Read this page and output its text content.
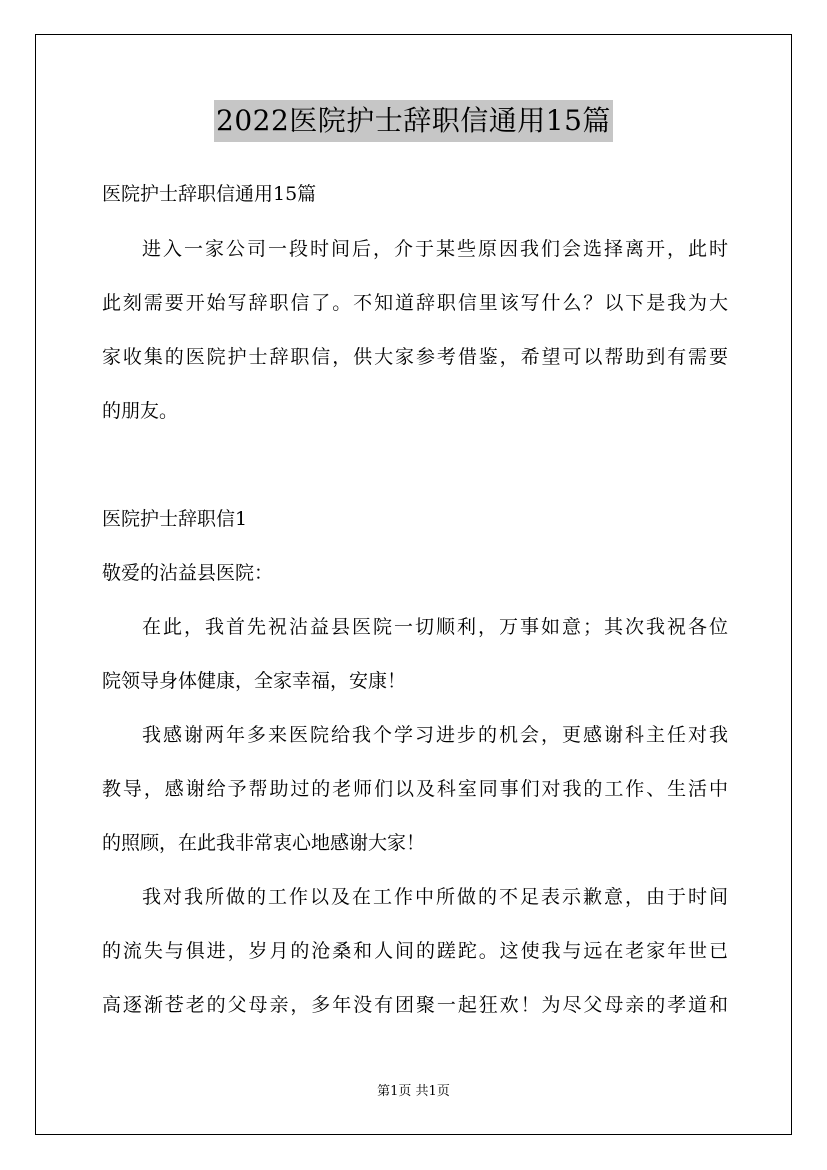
2022医院护士辞职信通用15篇
医院护士辞职信通用15篇
进入一家公司一段时间后，介于某些原因我们会选择离开，此时
此刻需要开始写辞职信了。不知道辞职信里该写什么？以下是我为大
家收集的医院护士辞职信，供大家参考借鉴，希望可以帮助到有需要
的朋友。
医院护士辞职信1
敬爱的沾益县医院：
在此，我首先祝沾益县医院一切顺利，万事如意；其次我祝各位
院领导身体健康，全家幸福，安康！
我感谢两年多来医院给我个学习进步的机会，更感谢科主任对我
教导，感谢给予帮助过的老师们以及科室同事们对我的工作、生活中
的照顾，在此我非常衷心地感谢大家！
我对我所做的工作以及在工作中所做的不足表示歉意，由于时间
的流失与俱进，岁月的沧桑和人间的蹉跎。这使我与远在老家年世已
高逐渐苍老的父母亲，多年没有团聚一起狂欢！为尽父母亲的孝道和
第1页 共1页
